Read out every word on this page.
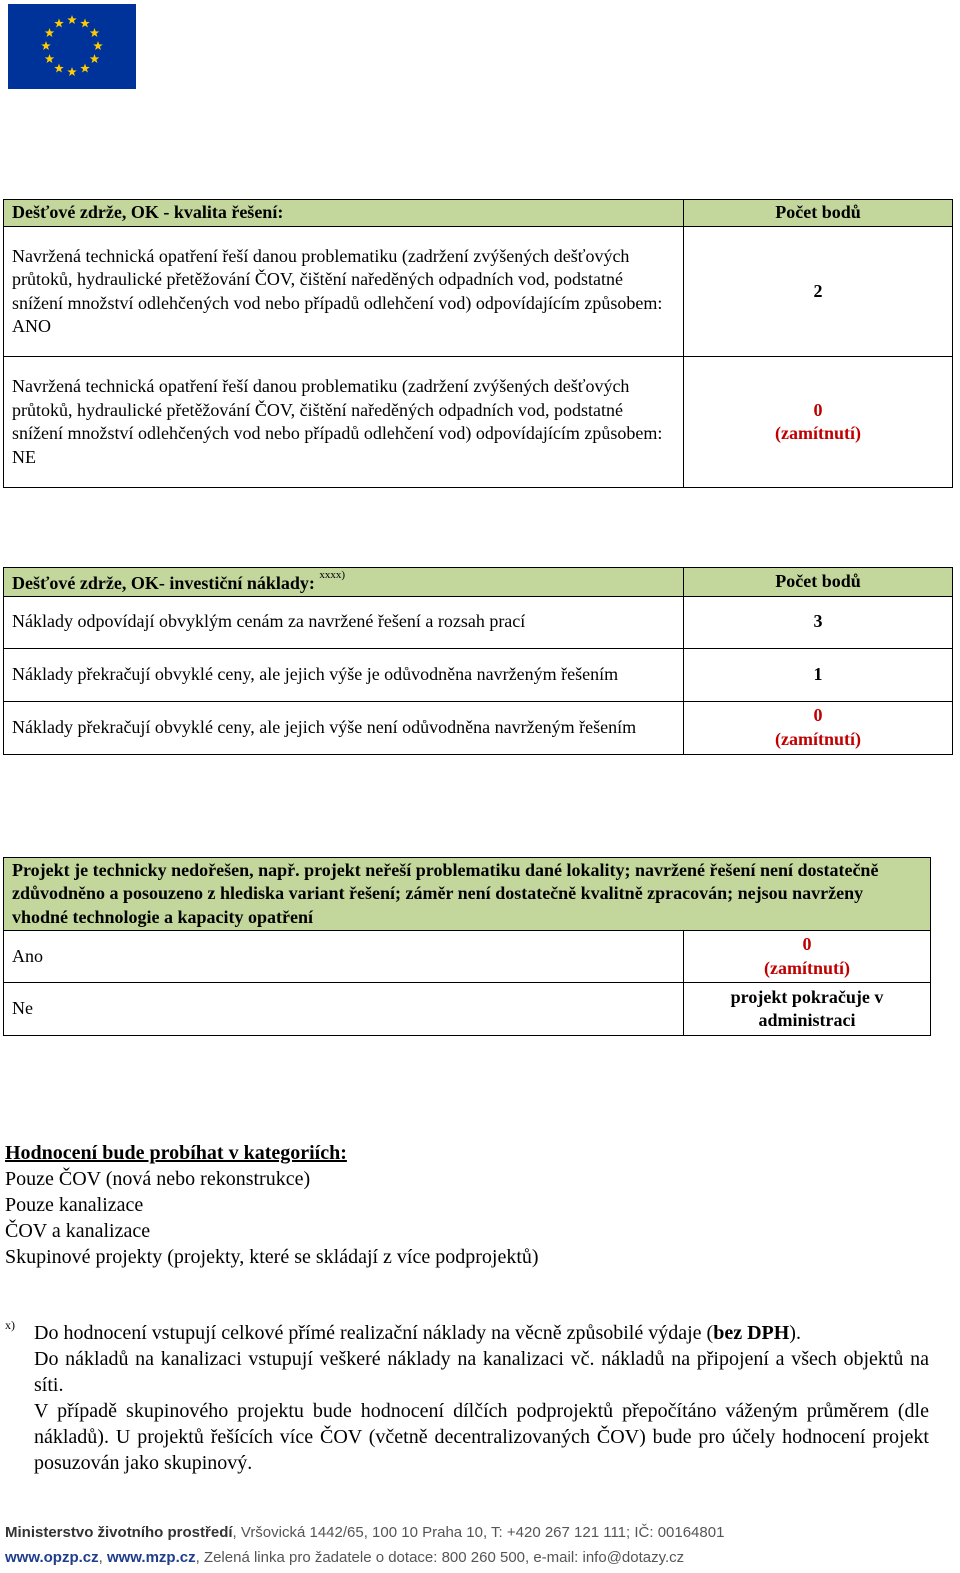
Dešťové zdrže, OK - kvalita řešení:	Počet bodů
Navržená technická opatření řeší danou problematiku (zadržení zvýšených dešťových průtoků, hydraulické přetěžování ČOV, čištění naředěných odpadních vod, podstatné snížení množství odlehčených vod nebo případů odlehčení vod) odpovídajícím způsobem: ANO	2
Navržená technická opatření řeší danou problematiku (zadržení zvýšených dešťových průtoků, hydraulické přetěžování ČOV, čištění naředěných odpadních vod, podstatné snížení množství odlehčených vod nebo případů odlehčení vod) odpovídajícím způsobem: NE	0
(zamítnutí)
Dešťové zdrže, OK- investiční náklady: $^{xxxx)}$	Počet bodů
Náklady odpovídají obvyklým cenám za navržené řešení a rozsah prací	3
Náklady překračují obvyklé ceny, ale jejich výše je odůvodněna navrženým řešením	1
Náklady překračují obvyklé ceny, ale jejich výše není odůvodněna navrženým řešením	0
(zamítnutí)
Projekt je technicky nedořešen, např. projekt neřeší problematiku dané lokality; navržené řešení není dostatečně zdůvodněno a posouzeno z hlediska variant řešení; záměr není dostatečně kvalitně zpracován; nejsou navrženy vhodné technologie a kapacity opatření	
Ano	0
(zamítnutí)

Ne	projekt pokračuje v administraci
Hodnocení bude probíhat v kategoriích:
Pouze ČOV (nová nebo rekonstrukce)
Pouze kanalizace
ČOV a kanalizace
Skupinové projekty (projekty, které se skládají z více podprojektů)
x) Do hodnocení vstupují celkové přímé realizační náklady na věcně způsobilé výdaje (bez DPH).
Do nákladů na kanalizaci vstupují veškeré náklady na kanalizaci vč. nákladů na připojení a všech objektů na síti.
V případě skupinového projektu bude hodnocení dílčích podprojektů přepočítáno váženým průměrem (dle nákladů). U projektů řešících více ČOV (včetně decentralizovaných ČOV) bude pro účely hodnocení projekt posuzován jako skupinový.
Ministerstvo životního prostředí, Vršovická 1442/65, 100 10 Praha 10, T: +420 267 121 111; IČ: 00164801
www.opzp.cz, www.mzp.cz, Zelená linka pro žadatele o dotace: 800 260 500, e-mail: info@dotazy.cz
